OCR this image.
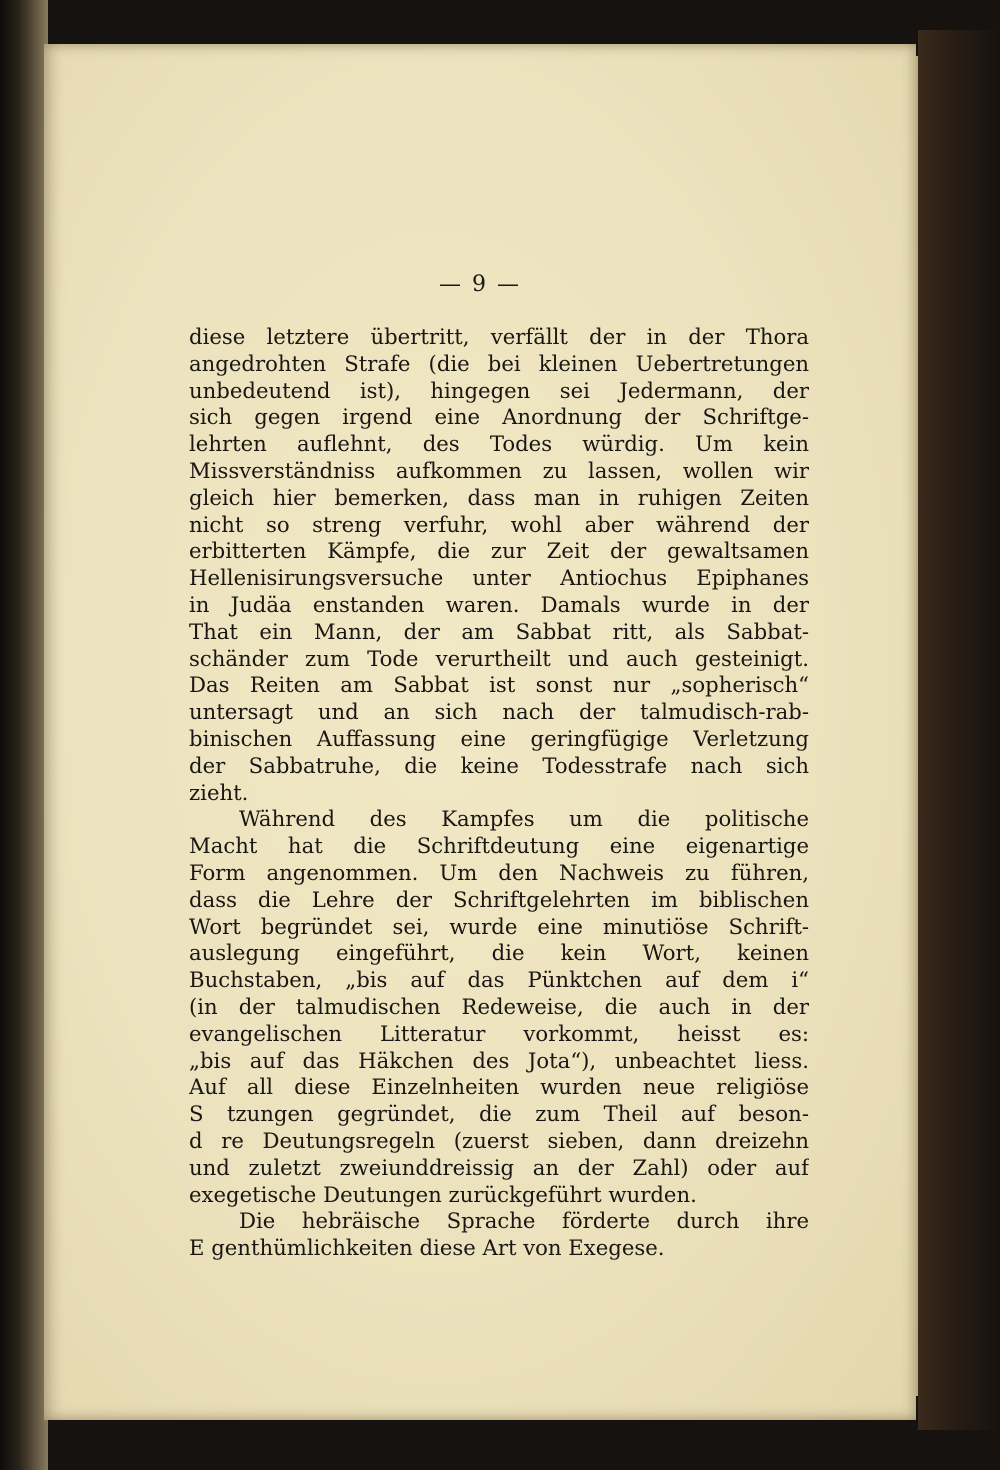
— 9 —
diese letztere übertritt, verfällt der in der Thora
angedrohten Strafe (die bei kleinen Uebertretungen
unbedeutend ist), hingegen sei Jedermann, der
sich gegen irgend eine Anordnung der Schriftge-
lehrten auflehnt, des Todes würdig. Um kein
Missverständniss aufkommen zu lassen, wollen wir
gleich hier bemerken, dass man in ruhigen Zeiten
nicht so streng verfuhr, wohl aber während der
erbitterten Kämpfe, die zur Zeit der gewaltsamen
Hellenisirungsversuche unter Antiochus Epiphanes
in Judäa enstanden waren. Damals wurde in der
That ein Mann, der am Sabbat ritt, als Sabbat-
schänder zum Tode verurtheilt und auch gesteinigt.
Das Reiten am Sabbat ist sonst nur „sopherisch“
untersagt und an sich nach der talmudisch-rab-
binischen Auffassung eine geringfügige Verletzung
der Sabbatruhe, die keine Todesstrafe nach sich
zieht.
Während des Kampfes um die politische
Macht hat die Schriftdeutung eine eigenartige
Form angenommen. Um den Nachweis zu führen,
dass die Lehre der Schriftgelehrten im biblischen
Wort begründet sei, wurde eine minutiöse Schrift-
auslegung eingeführt, die kein Wort, keinen
Buchstaben, „bis auf das Pünktchen auf dem i“
(in der talmudischen Redeweise, die auch in der
evangelischen Litteratur vorkommt, heisst es:
„bis auf das Häkchen des Jota“), unbeachtet liess.
Auf all diese Einzelnheiten wurden neue religiöse
S tzungen gegründet, die zum Theil auf beson-
d re Deutungsregeln (zuerst sieben, dann dreizehn
und zuletzt zweiunddreissig an der Zahl) oder auf
exegetische Deutungen zurückgeführt wurden.
Die hebräische Sprache förderte durch ihre
E genthümlichkeiten diese Art von Exegese.
